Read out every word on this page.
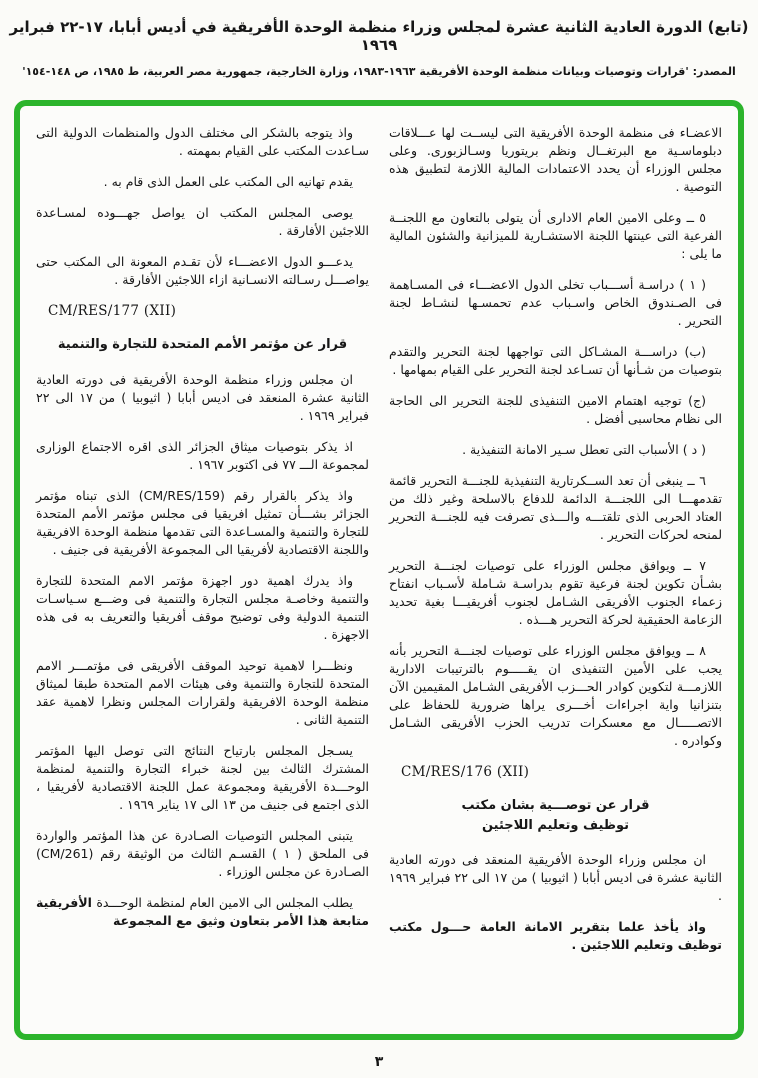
(تابع) الدورة العادية الثانية عشرة لمجلس وزراء منظمة الوحدة الأفريقية في أديس أبابا، ١٧-٢٢ فبراير ١٩٦٩
المصدر: 'قرارات وتوصيات وبيانات منظمة الوحدة الأفريقية ١٩٦٣-١٩٨٣، وزارة الخارجية، جمهورية مصر العربية، ط ١٩٨٥، ص ١٤٨-١٥٤'

الاعضـاء فى منظمة الوحدة الأفريقية التى ليســت لها عـــلاقات دبلوماسـية مع البرتغــال ونظم بريتوريا وسـالزبورى. وعلى مجلس الوزراء أن يحدد الاعتمادات المالية اللازمة لتطبيق هذه التوصية .

٥ ــ وعلى الامين العام الادارى أن يتولى بالتعاون مع اللجنــة الفرعية التى عينتها اللجنة الاستشـارية للميزانية والشئون المالية ما يلى :

( ١ ) دراسـة أســـباب تخلى الدول الاعضـــاء فى المسـاهمة فى الصـندوق الخاص واسـباب عدم تحمسـها لنشـاط لجنة التحرير .

(ب) دراســـة المشـاكل التى تواجهها لجنة التحرير والتقدم بتوصيات من شـأنها أن تسـاعد لجنة التحرير على القيام بمهامها .

(ج) توجيه اهتمام الامين التنفيذى للجنة التحرير الى الحاجة الى نظام محاسبى أفضل .

( د ) الأسباب التى تعطل سـير الامانة التنفيذية .

٦ ــ ينبغى أن تعد الســكرتارية التنفيذية للجنـــة التحرير قائمة تقدمهـــا الى اللجنـــة الدائمة للدفاع بالاسلحة وغير ذلك من العتاد الحربى الذى تلقتـــه والـــذى تصرفت فيه للجنـــة التحرير لمنحه لحركات التحرير .

٧ ــ ويوافق مجلس الوزراء على توصيات لجنـــة التحرير بشـأن تكوين لجنة فرعية تقوم بدراسـة شـاملة لأسـباب انفتاح زعماء الجنوب الأفريقى الشـامل لجنوب أفريقيـــا بغية تحديد الزعامة الحقيقية لحركة التحرير هـــذه .

٨ ــ ويوافق مجلس الوزراء على توصيات لجنـــة التحرير بأنه يجب على الأمين التنفيذى ان يقـــــوم بالترتيبات الادارية اللازمـــة لتكوين كوادر الحـــزب الأفريقى الشـامل المقيمين الآن بتنزانيا واية اجراءات أخـــرى يراها ضرورية للحفاظ على الاتصـــــال مع معسكرات تدريب الحزب الأفريقى الشـامل وكوادره .

CM/RES/176 (XII)
قرار عن توصـــية بشان مكتب
توظيف وتعليم اللاجئين

ان مجلس وزراء الوحدة الأفريقية المنعقد فى دورته العادية الثانية عشرة فى اديس أبابا ( اثيوبيا ) من ١٧ الى ٢٢ فبراير ١٩٦٩ .

واذ يأخذ علما بتقرير الامانة العامة حـــول مكتب توظيف وتعليم اللاجئين .

واذ يتوجه بالشكر الى مختلف الدول والمنظمات الدولية التى سـاعدت المكتب على القيام بمهمته .

يقدم تهانيه الى المكتب على العمل الذى قام به .

يوصى المجلس المكتب ان يواصل جهـــوده لمسـاعدة اللاجئين الأفارقة .

يدعـــو الدول الاعضـــاء لأن تقـدم المعونة الى المكتب حتى يواصـــل رسـالته الانسـانية ازاء اللاجئين الأفارقة .

CM/RES/177 (XII)
قرار عن مؤتمر الأمم المتحدة للتجارة والتنمية

ان مجلس وزراء منظمة الوحدة الأفريقية فى دورته العادية الثانية عشرة المنعقد فى اديس أبابا ( اثيوبيا ) من ١٧ الى ٢٢ فبراير ١٩٦٩ .

اذ يذكر بتوصيات ميثاق الجزائر الذى اقره الاجتماع الوزارى لمجموعة الـــ ٧٧ فى اكتوبر ١٩٦٧ .

واذ يذكر بالقرار رقم (CM/RES/159) الذى تبناه مؤتمر الجزائر بشـــأن تمثيل افريقيا فى مجلس مؤتمر الأمم المتحدة للتجارة والتنمية والمسـاعدة التى تقدمها منظمة الوحدة الافريقية واللجنة الاقتصادية لأفريقيا الى المجموعة الأفريقية فى جنيف .

واذ يدرك اهمية دور اجهزة مؤتمر الامم المتحدة للتجارة والتنمية وخاصـة مجلس التجارة والتنمية فى وضـــع سـياسـات التنمية الدولية وفى توضيح موقف أفريقيا والتعريف به فى هذه الاجهزة .

ونظـــرا لاهمية توحيد الموقف الأفريقى فى مؤتمـــر الامم المتحدة للتجارة والتنمية وفى هيئات الامم المتحدة طبقا لميثاق منظمة الوحدة الافريقية ولقرارات المجلس ونظرا لاهمية عقد التنمية الثانى .

يسـجل المجلس بارتياح النتائج التى توصل اليها المؤتمر المشترك الثالث بين لجنة خبراء التجارة والتنمية لمنظمة الوحـــدة الأفريقية ومجموعة عمل اللجنة الاقتصادية لأفريقيا ، الذى اجتمع فى جنيف من ١٣ الى ١٧ يناير ١٩٦٩ .

يتبنى المجلس التوصيات الصـادرة عن هذا المؤتمر والواردة فى الملحق ( ١ ) القسـم الثالث من الوثيقة رقم (CM/261) الصـادرة عن مجلس الوزراء .

يطلب المجلس الى الامين العام لمنظمة الوحـــدة الأفريقية متابعة هذا الأمر بتعاون وثيق مع المجموعة

٣
